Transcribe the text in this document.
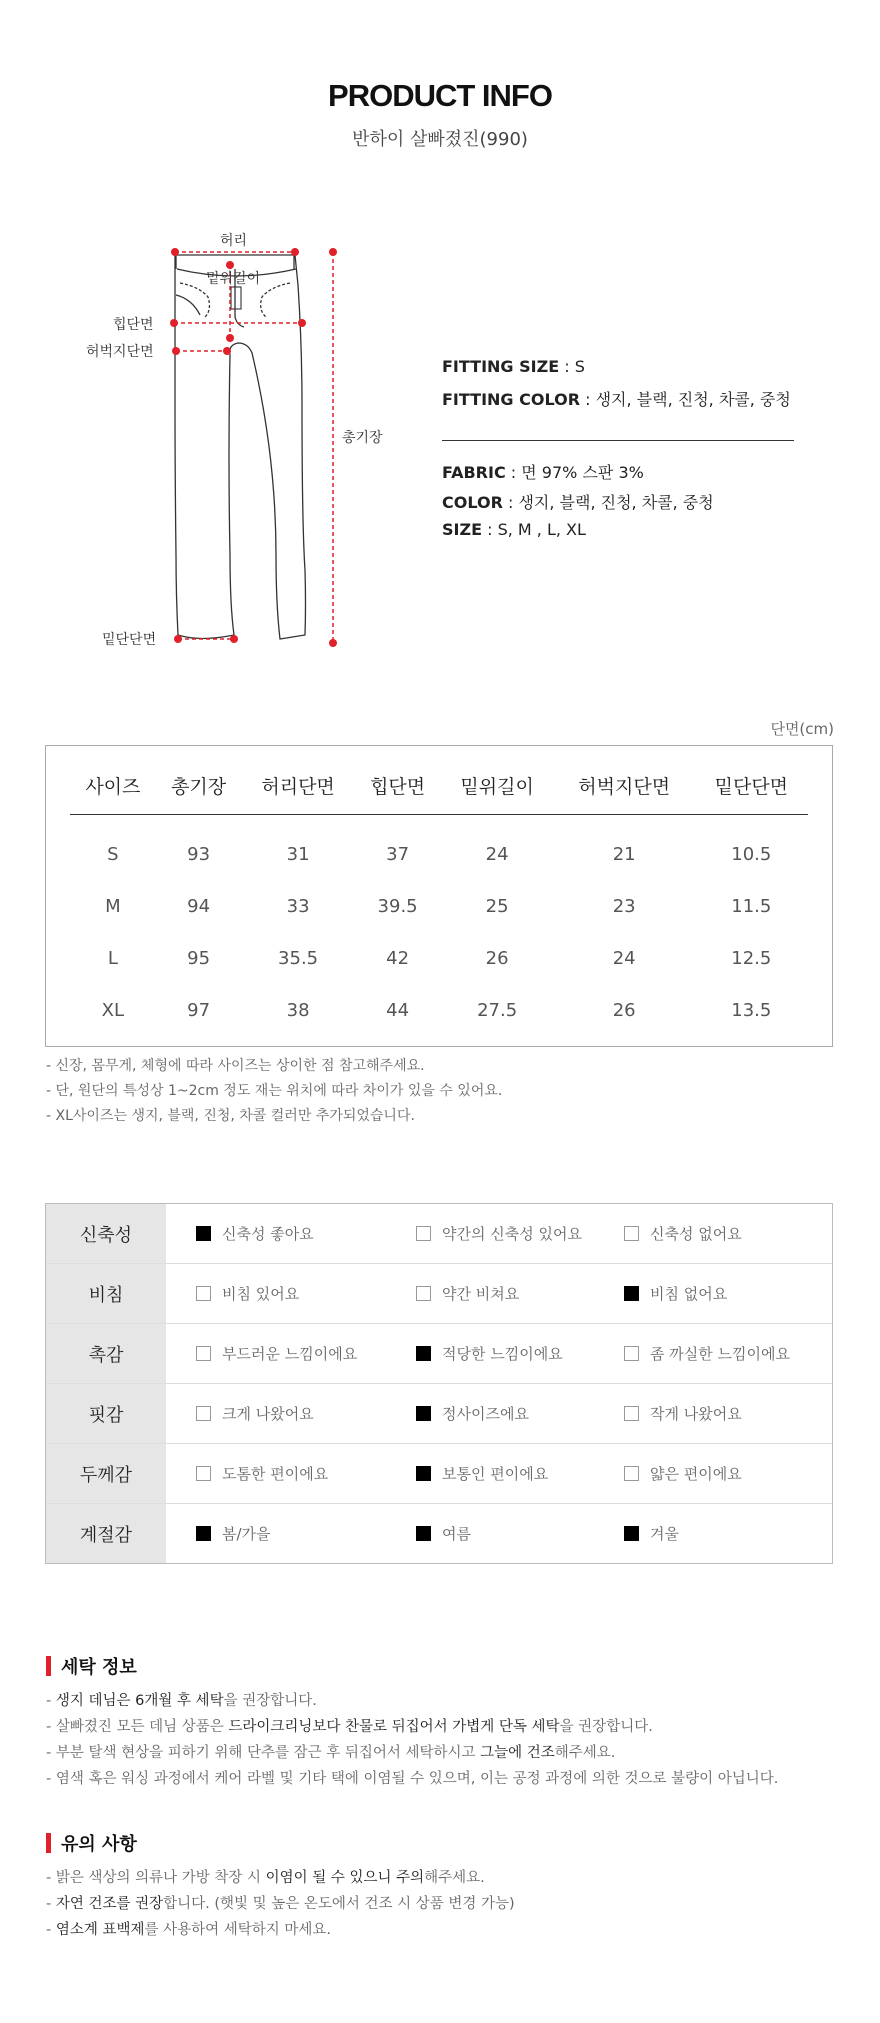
PRODUCT INFO
반하이 살빠졌진(990)
허리
밑위길이
힙단면
허벅지단면
총기장
밑단단면
FITTING SIZE : S
FITTING COLOR : 생지, 블랙, 진청, 차콜, 중청
FABRIC : 면 97% 스판 3%
COLOR : 생지, 블랙, 진청, 차콜, 중청
SIZE : S, M , L, XL
단면(cm)
사이즈	총기장	허리단면	힙단면	밑위길이	허벅지단면	밑단단면
S	93	31	37	24	21	10.5
M	94	33	39.5	25	23	11.5
L	95	35.5	42	26	24	12.5
XL	97	38	44	27.5	26	13.5
- 신장, 몸무게, 체형에 따라 사이즈는 상이한 점 참고해주세요.
- 단, 원단의 특성상 1~2cm 정도 재는 위치에 따라 차이가 있을 수 있어요.
- XL사이즈는 생지, 블랙, 진청, 차콜 컬러만 추가되었습니다.
신축성	신축성 좋아요	약간의 신축성 있어요	신축성 없어요
비침	비침 있어요	약간 비쳐요	비침 없어요
촉감	부드러운 느낌이에요	적당한 느낌이에요	좀 까실한 느낌이에요
핏감	크게 나왔어요	정사이즈에요	작게 나왔어요
두께감	도톰한 편이에요	보통인 편이에요	얇은 편이에요
계절감	봄/가을	여름	겨울
세탁 정보
- 생지 데님은 6개월 후 세탁을 권장합니다.
- 살빠졌진 모든 데님 상품은 드라이크리닝보다 찬물로 뒤집어서 가볍게 단독 세탁을 권장합니다.
- 부분 탈색 현상을 피하기 위해 단추를 잠근 후 뒤집어서 세탁하시고 그늘에 건조해주세요.
- 염색 혹은 워싱 과정에서 케어 라벨 및 기타 택에 이염될 수 있으며, 이는 공정 과정에 의한 것으로 불량이 아닙니다.
유의 사항
- 밝은 색상의 의류나 가방 착장 시 이염이 될 수 있으니 주의해주세요.
- 자연 건조를 권장합니다. (햇빛 및 높은 온도에서 건조 시 상품 변경 가능)
- 염소계 표백제를 사용하여 세탁하지 마세요.
